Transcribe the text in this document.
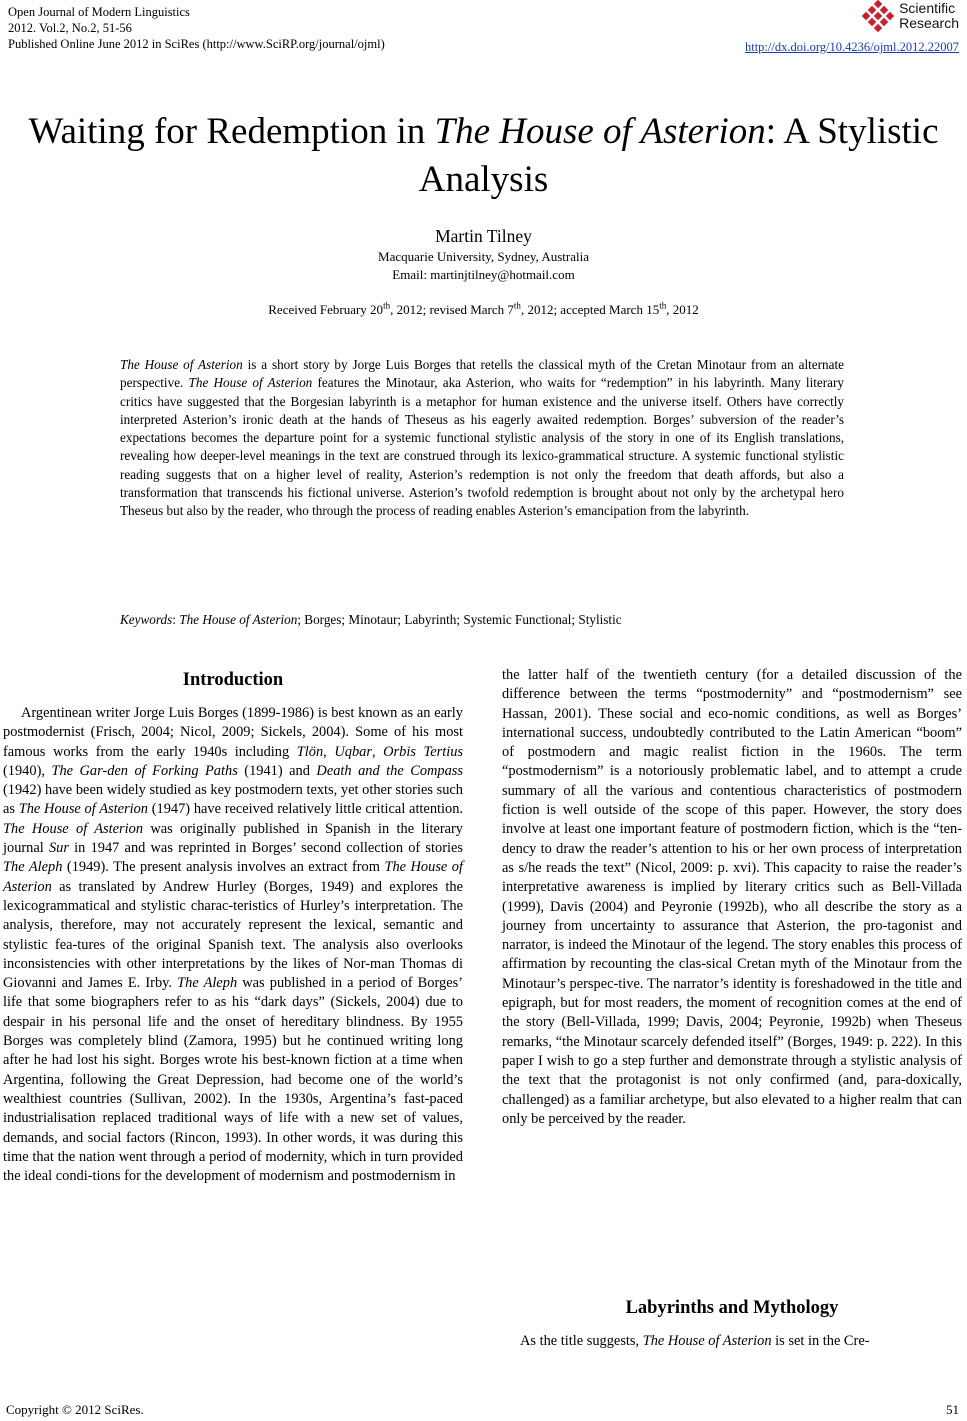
Open Journal of Modern Linguistics
2012. Vol.2, No.2, 51-56
Published Online June 2012 in SciRes (http://www.SciRP.org/journal/ojml)
Scientific
Research
http://dx.doi.org/10.4236/ojml.2012.22007
Waiting for Redemption in The House of Asterion: A Stylistic
Analysis
Martin Tilney
Macquarie University, Sydney, Australia
Email: martinjtilney@hotmail.com
Received February 20th, 2012; revised March 7th, 2012; accepted March 15th, 2012
The House of Asterion is a short story by Jorge Luis Borges that retells the classical myth of the Cretan Minotaur from an alternate perspective. The House of Asterion features the Minotaur, aka Asterion, who waits for “redemption” in his labyrinth. Many literary critics have suggested that the Borgesian labyrinth is a metaphor for human existence and the universe itself. Others have correctly interpreted Asterion’s ironic death at the hands of Theseus as his eagerly awaited redemption. Borges’ subversion of the reader’s expectations becomes the departure point for a systemic functional stylistic analysis of the story in one of its English translations, revealing how deeper-level meanings in the text are construed through its lexico-grammatical structure. A systemic functional stylistic reading suggests that on a higher level of reality, Asterion’s redemption is not only the freedom that death affords, but also a transformation that transcends his fictional universe. Asterion’s twofold redemption is brought about not only by the archetypal hero Theseus but also by the reader, who through the process of reading enables Asterion’s emancipation from the labyrinth.
Keywords: The House of Asterion; Borges; Minotaur; Labyrinth; Systemic Functional; Stylistic
Introduction

Argentinean writer Jorge Luis Borges (1899-1986) is best known as an early postmodernist (Frisch, 2004; Nicol, 2009; Sickels, 2004). Some of his most famous works from the early 1940s including Tlön, Uqbar, Orbis Tertius (1940), The Gar-den of Forking Paths (1941) and Death and the Compass (1942) have been widely studied as key postmodern texts, yet other stories such as The House of Asterion (1947) have received relatively little critical attention. The House of Asterion was originally published in Spanish in the literary journal Sur in 1947 and was reprinted in Borges’ second collection of stories The Aleph (1949). The present analysis involves an extract from The House of Asterion as translated by Andrew Hurley (Borges, 1949) and explores the lexicogrammatical and stylistic charac-teristics of Hurley’s interpretation. The analysis, therefore, may not accurately represent the lexical, semantic and stylistic fea-tures of the original Spanish text. The analysis also overlooks inconsistencies with other interpretations by the likes of Nor-man Thomas di Giovanni and James E. Irby. The Aleph was published in a period of Borges’ life that some biographers refer to as his “dark days” (Sickels, 2004) due to despair in his personal life and the onset of hereditary blindness. By 1955 Borges was completely blind (Zamora, 1995) but he continued writing long after he had lost his sight. Borges wrote his best-known fiction at a time when Argentina, following the Great Depression, had become one of the world’s wealthiest countries (Sullivan, 2002). In the 1930s, Argentina’s fast-paced industrialisation replaced traditional ways of life with a new set of values, demands, and social factors (Rincon, 1993). In other words, it was during this time that the nation went through a period of modernity, which in turn provided the ideal condi-tions for the development of modernism and postmodernism in

the latter half of the twentieth century (for a detailed discussion of the difference between the terms “postmodernity” and “postmodernism” see Hassan, 2001). These social and eco-nomic conditions, as well as Borges’ international success, undoubtedly contributed to the Latin American “boom” of postmodern and magic realist fiction in the 1960s. The term “postmodernism” is a notoriously problematic label, and to attempt a crude summary of all the various and contentious characteristics of postmodern fiction is well outside of the scope of this paper. However, the story does involve at least one important feature of postmodern fiction, which is the “ten-dency to draw the reader’s attention to his or her own process of interpretation as s/he reads the text” (Nicol, 2009: p. xvi). This capacity to raise the reader’s interpretative awareness is implied by literary critics such as Bell-Villada (1999), Davis (2004) and Peyronie (1992b), who all describe the story as a journey from uncertainty to assurance that Asterion, the pro-tagonist and narrator, is indeed the Minotaur of the legend. The story enables this process of affirmation by recounting the clas-sical Cretan myth of the Minotaur from the Minotaur’s perspec-tive. The narrator’s identity is foreshadowed in the title and epigraph, but for most readers, the moment of recognition comes at the end of the story (Bell-Villada, 1999; Davis, 2004; Peyronie, 1992b) when Theseus remarks, “the Minotaur scarcely defended itself” (Borges, 1949: p. 222). In this paper I wish to go a step further and demonstrate through a stylistic analysis of the text that the protagonist is not only confirmed (and, para-doxically, challenged) as a familiar archetype, but also elevated to a higher realm that can only be perceived by the reader.

Labyrinths and Mythology

As the title suggests, The House of Asterion is set in the Cre-

Copyright © 2012 SciRes.	51
